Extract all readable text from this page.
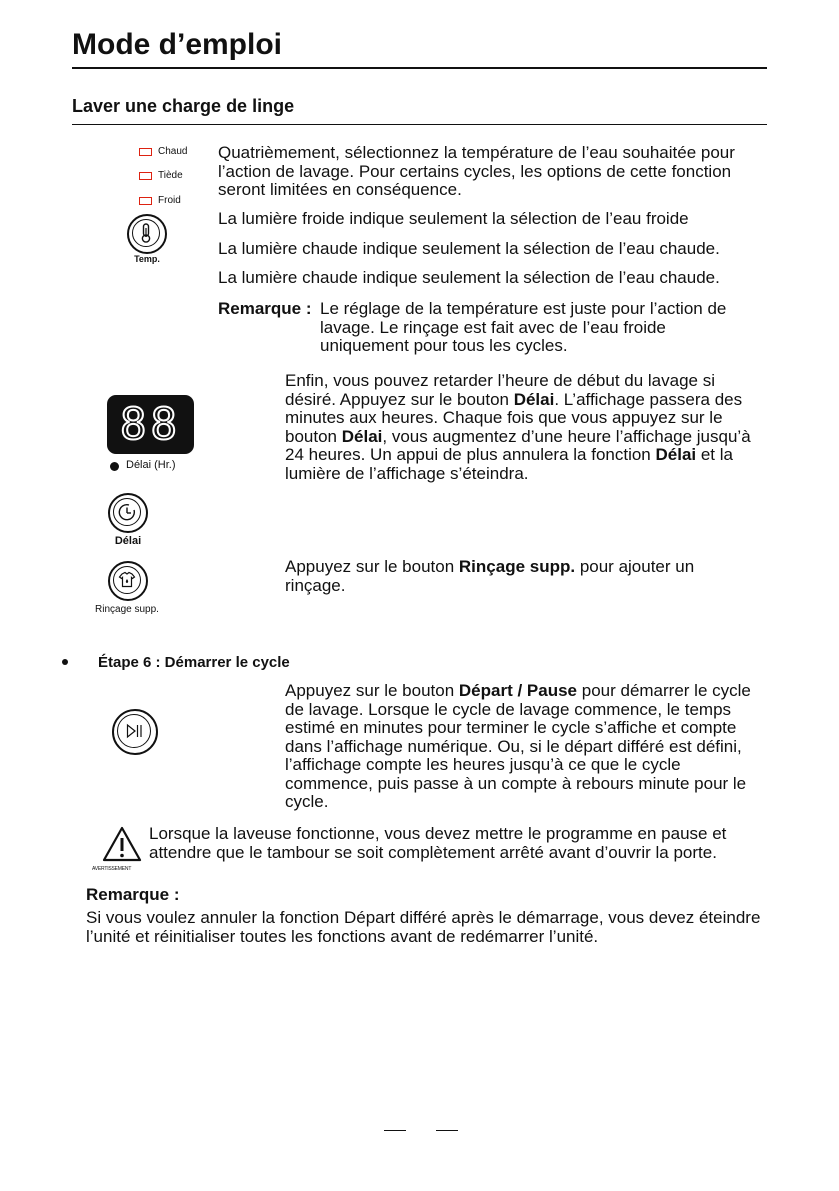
Mode d’emploi
Laver une charge de linge
Chaud
Tiède
Froid
Temp.

Quatrièmement, sélectionnez la température de l’eau souhaitée pour l’action de lavage. Pour certains cycles, les options de cette fonction seront limitées en conséquence.

La lumière froide indique seulement la sélection de l’eau froide

La lumière chaude indique seulement la sélection de l’eau chaude.

La lumière chaude indique seulement la sélection de l’eau chaude.

Remarque : Le réglage de la température est juste pour l’action de lavage. Le rinçage est fait avec de l’eau froide uniquement pour tous les cycles.
88
Délai (Hr.)
Délai

Enfin, vous pouvez retarder l’heure de début du lavage si désiré. Appuyez sur le bouton Délai. L’affichage passera des minutes aux heures. Chaque fois que vous appuyez sur le bouton Délai, vous augmentez d’une heure l’affichage jusqu’à 24 heures. Un appui de plus annulera la fonction Délai et la lumière de l’affichage s’éteindra.

Rinçage supp.

Appuyez sur le bouton Rinçage supp. pour ajouter un rinçage.

Étape 6 : Démarrer le cycle

Appuyez sur le bouton Départ / Pause pour démarrer le cycle de lavage. Lorsque le cycle de lavage commence, le temps estimé en minutes pour terminer le cycle s’affiche et compte dans l’affichage numérique. Ou, si le départ différé est défini, l’affichage compte les heures jusqu’à ce que le cycle commence, puis passe à un compte à rebours minute pour le cycle.

AVERTISSEMENT

Lorsque la laveuse fonctionne, vous devez mettre le programme en pause et attendre que le tambour se soit complètement arrêté avant d’ouvrir la porte.

Remarque :

Si vous voulez annuler la fonction Départ différé après le démarrage, vous devez éteindre l’unité et réinitialiser toutes les fonctions avant de redémarrer l’unité.
